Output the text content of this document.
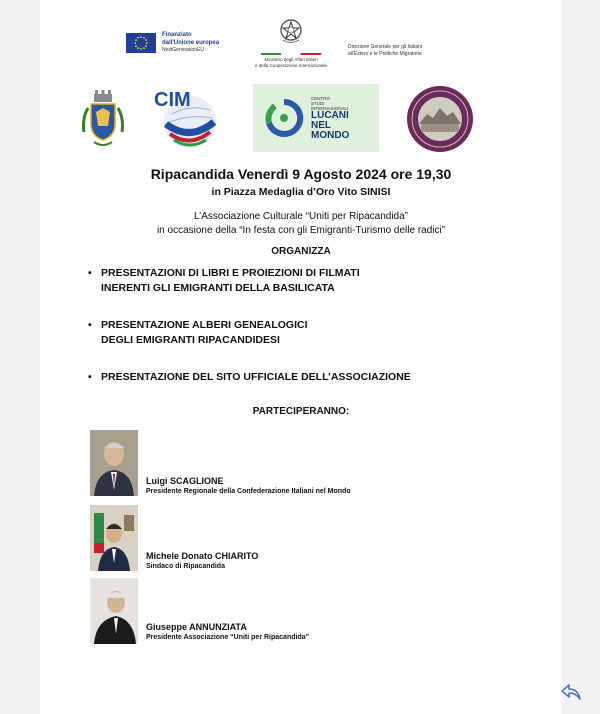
Finanziato
dall'Unione europea
NextGenerationEU
Ministero degli Affari Esteri
e della Cooperazione Internazionale
Direzione Generale per gli Italiani
all'Estero e le Politiche Migratorie
CIM	CENTRO
STUDI
INTERNAZIONALI
LUCANI
NEL
MONDO
Ripacandida Venerdì 9 Agosto 2024 ore 19,30
in Piazza Medaglia d’Oro Vito SINISI
L’Associazione Culturale “Uniti per Ripacandida”
in occasione della “In festa con gli Emigranti-Turismo delle radici”
ORGANIZZA
• PRESENTAZIONI DI LIBRI E PROIEZIONI DI FILMATI
INERENTI GLI EMIGRANTI DELLA BASILICATA
• PRESENTAZIONE ALBERI GENEALOGICI
DEGLI EMIGRANTI RIPACANDIDESI
• PRESENTAZIONE DEL SITO UFFICIALE DELL’ASSOCIAZIONE
PARTECIPERANNO:
Luigi SCAGLIONE
Presidente Regionale della Confederazione Italiani nel Mondo
Michele Donato CHIARITO
Sindaco di Ripacandida
Giuseppe ANNUNZIATA
Presidente Associazione “Uniti per Ripacandida”
